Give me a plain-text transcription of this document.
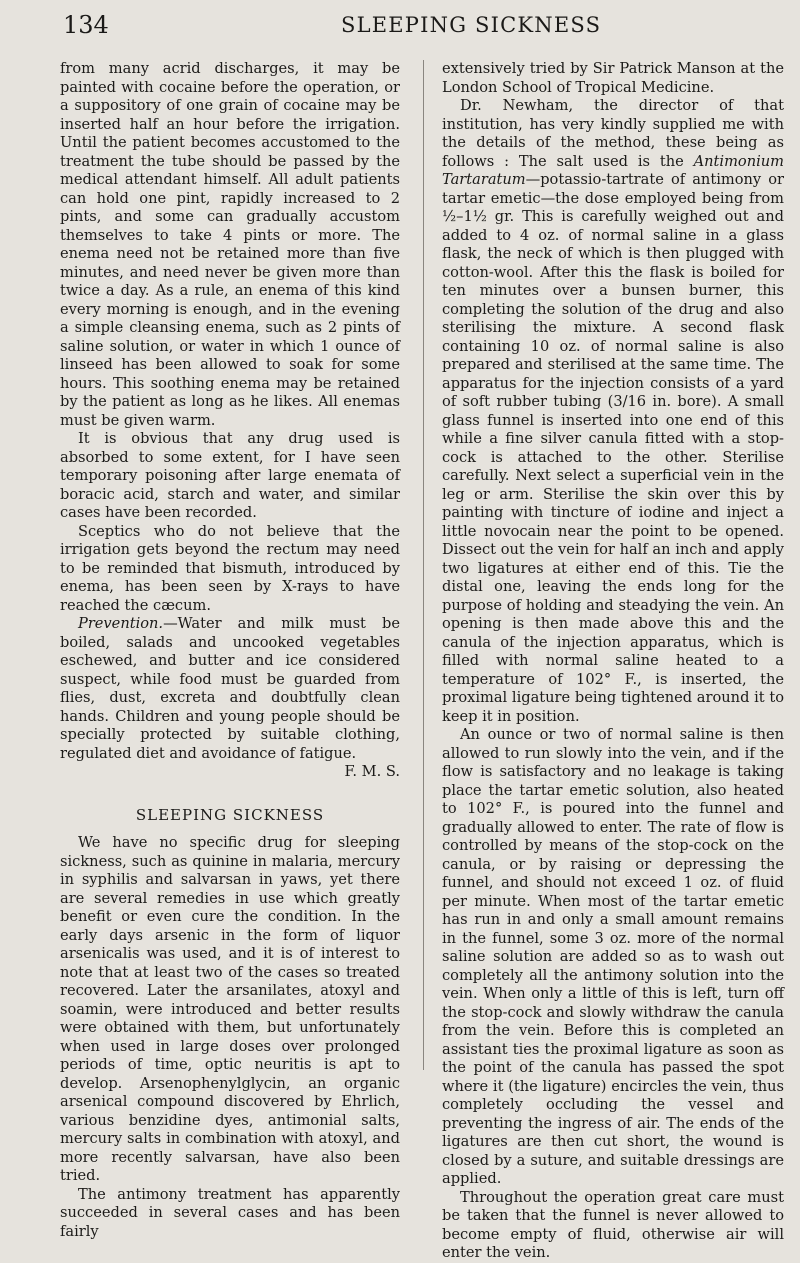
134	SLEEPING SICKNESS

from many acrid discharges, it may be painted with cocaine before the operation, or a suppository of one grain of cocaine may be inserted half an hour before the irrigation. Until the patient becomes accustomed to the treatment the tube should be passed by the medical attendant himself. All adult patients can hold one pint, rapidly increased to 2 pints, and some can gradually accustom themselves to take 4 pints or more. The enema need not be retained more than five minutes, and need never be given more than twice a day. As a rule, an enema of this kind every morning is enough, and in the evening a simple cleansing enema, such as 2 pints of saline solution, or water in which 1 ounce of linseed has been allowed to soak for some hours. This soothing enema may be retained by the patient as long as he likes. All enemas must be given warm.

It is obvious that any drug used is absorbed to some extent, for I have seen temporary poisoning after large enemata of boracic acid, starch and water, and similar cases have been recorded.

Sceptics who do not believe that the irrigation gets beyond the rectum may need to be reminded that bismuth, introduced by enema, has been seen by X-rays to have reached the cæcum.

Prevention.—Water and milk must be boiled, salads and uncooked vegetables eschewed, and butter and ice considered suspect, while food must be guarded from flies, dust, excreta and doubtfully clean hands. Children and young people should be specially protected by suitable clothing, regulated diet and avoidance of fatigue.

F. M. S.

SLEEPING SICKNESS

We have no specific drug for sleeping sickness, such as quinine in malaria, mercury in syphilis and salvarsan in yaws, yet there are several remedies in use which greatly benefit or even cure the condition. In the early days arsenic in the form of liquor arsenicalis was used, and it is of interest to note that at least two of the cases so treated recovered. Later the arsanilates, atoxyl and soamin, were introduced and better results were obtained with them, but unfortunately when used in large doses over prolonged periods of time, optic neuritis is apt to develop. Arsenophenylglycin, an organic arsenical compound discovered by Ehrlich, various benzidine dyes, antimonial salts, mercury salts in combination with atoxyl, and more recently salvarsan, have also been tried.

The antimony treatment has apparently succeeded in several cases and has been fairly

extensively tried by Sir Patrick Manson at the London School of Tropical Medicine.

Dr. Newham, the director of that institution, has very kindly supplied me with the details of the method, these being as follows : The salt used is the Antimonium Tartaratum—potassio-tartrate of antimony or tartar emetic—the dose employed being from ½–1½ gr. This is carefully weighed out and added to 4 oz. of normal saline in a glass flask, the neck of which is then plugged with cotton-wool. After this the flask is boiled for ten minutes over a bunsen burner, this completing the solution of the drug and also sterilising the mixture. A second flask containing 10 oz. of normal saline is also prepared and sterilised at the same time. The apparatus for the injection consists of a yard of soft rubber tubing (3/16 in. bore). A small glass funnel is inserted into one end of this while a fine silver canula fitted with a stop-cock is attached to the other. Sterilise carefully. Next select a superficial vein in the leg or arm. Sterilise the skin over this by painting with tincture of iodine and inject a little novocain near the point to be opened. Dissect out the vein for half an inch and apply two ligatures at either end of this. Tie the distal one, leaving the ends long for the purpose of holding and steadying the vein. An opening is then made above this and the canula of the injection apparatus, which is filled with normal saline heated to a temperature of 102° F., is inserted, the proximal ligature being tightened around it to keep it in position.

An ounce or two of normal saline is then allowed to run slowly into the vein, and if the flow is satisfactory and no leakage is taking place the tartar emetic solution, also heated to 102° F., is poured into the funnel and gradually allowed to enter. The rate of flow is controlled by means of the stop-cock on the canula, or by raising or depressing the funnel, and should not exceed 1 oz. of fluid per minute. When most of the tartar emetic has run in and only a small amount remains in the funnel, some 3 oz. more of the normal saline solution are added so as to wash out completely all the antimony solution into the vein. When only a little of this is left, turn off the stop-cock and slowly withdraw the canula from the vein. Before this is completed an assistant ties the proximal ligature as soon as the point of the canula has passed the spot where it (the ligature) encircles the vein, thus completely occluding the vessel and preventing the ingress of air. The ends of the ligatures are then cut short, the wound is closed by a suture, and suitable dressings are applied.

Throughout the operation great care must be taken that the funnel is never allowed to become empty of fluid, otherwise air will enter the vein.
